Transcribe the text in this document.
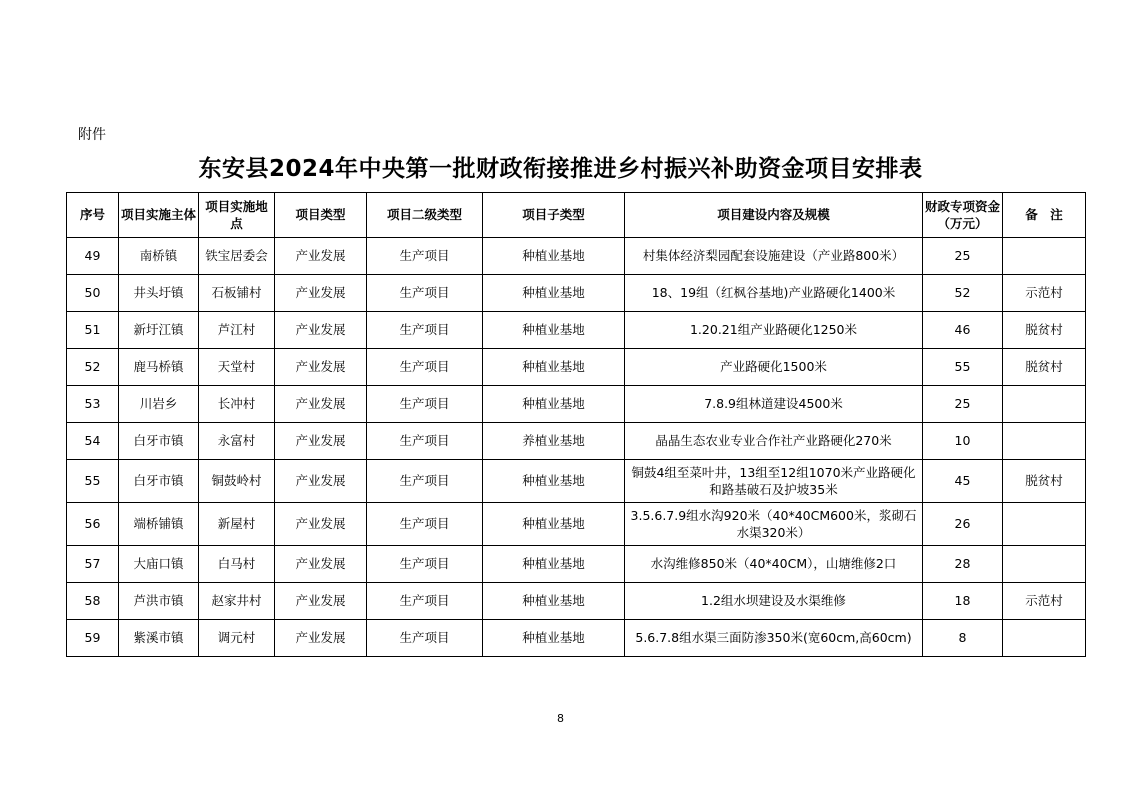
附件
东安县2024年中央第一批财政衔接推进乡村振兴补助资金项目安排表
序号	项目实施主体	项目实施地点	项目类型	项目二级类型	项目子类型	项目建设内容及规模	财政专项资金（万元）	备　注
49	南桥镇	铁宝居委会	产业发展	生产项目	种植业基地	村集体经济梨园配套设施建设（产业路800米）	25	
50	井头圩镇	石板铺村	产业发展	生产项目	种植业基地	18、19组（红枫谷基地)产业路硬化1400米	52	示范村
51	新圩江镇	芦江村	产业发展	生产项目	种植业基地	1.20.21组产业路硬化1250米	46	脱贫村
52	鹿马桥镇	天堂村	产业发展	生产项目	种植业基地	产业路硬化1500米	55	脱贫村
53	川岩乡	长冲村	产业发展	生产项目	种植业基地	7.8.9组林道建设4500米	25	
54	白牙市镇	永富村	产业发展	生产项目	养植业基地	晶晶生态农业专业合作社产业路硬化270米	10	
55	白牙市镇	铜鼓岭村	产业发展	生产项目	种植业基地	铜鼓4组至菜叶井，13组至12组1070米产业路硬化和路基破石及护坡35米	45	脱贫村
56	端桥铺镇	新屋村	产业发展	生产项目	种植业基地	3.5.6.7.9组水沟920米（40*40CM600米，浆砌石水渠320米）	26	
57	大庙口镇	白马村	产业发展	生产项目	种植业基地	水沟维修850米（40*40CM），山塘维修2口	28	
58	芦洪市镇	赵家井村	产业发展	生产项目	种植业基地	1.2组水坝建设及水渠维修	18	示范村
59	紫溪市镇	调元村	产业发展	生产项目	种植业基地	5.6.7.8组水渠三面防渗350米(宽60cm,高60cm)	8	
8
